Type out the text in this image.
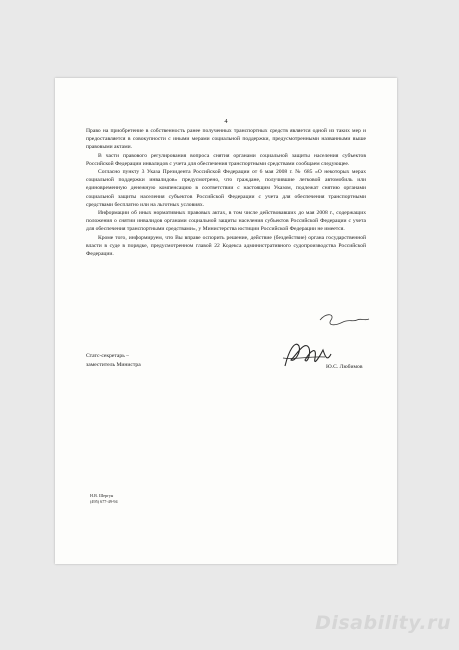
4

Право на приобретение в собственность ранее полученных транспортных средств является одной из таких мер и предоставляется в совокупности с иными мерами социальной поддержки, предусмотренными названными выше правовыми актами.

В части правового регулирования вопроса снятия органами социальной защиты населения субъектов Российской Федерации инвалидов с учета для обеспечения транспортными средствами сообщаем следующее.

Согласно пункту 3 Указа Президента Российской Федерации от 6 мая 2008 г. № 685 «О некоторых мерах социальной поддержки инвалидов» предусмотрено, что граждане, получившие легковой автомобиль или единовременную денежную компенсацию в соответствии с настоящим Указом, подлежат снятию органами социальной защиты населения субъектов Российской Федерации с учета для обеспечения транспортными средствами бесплатно или на льготных условиях.

Информации об иных нормативных правовых актах, в том числе действовавших до мая 2008 г., содержащих положения о снятии инвалидов органами социальной защиты населения субъектов Российской Федерации с учета для обеспечения транспортными средствами», у Министерства юстиции Российской Федерации не имеется.

Кроме того, информируем, что Вы вправе оспорить решение, действие (бездействие) органа государственной власти в суде в порядке, предусмотренном главой 22 Кодекса административного судопроизводства Российской Федерации.

Статс-секретарь –
заместитель Министра	Ю.С. Любимов
Н.В. Шергун
(495) 677-49-94
Disability.ru
